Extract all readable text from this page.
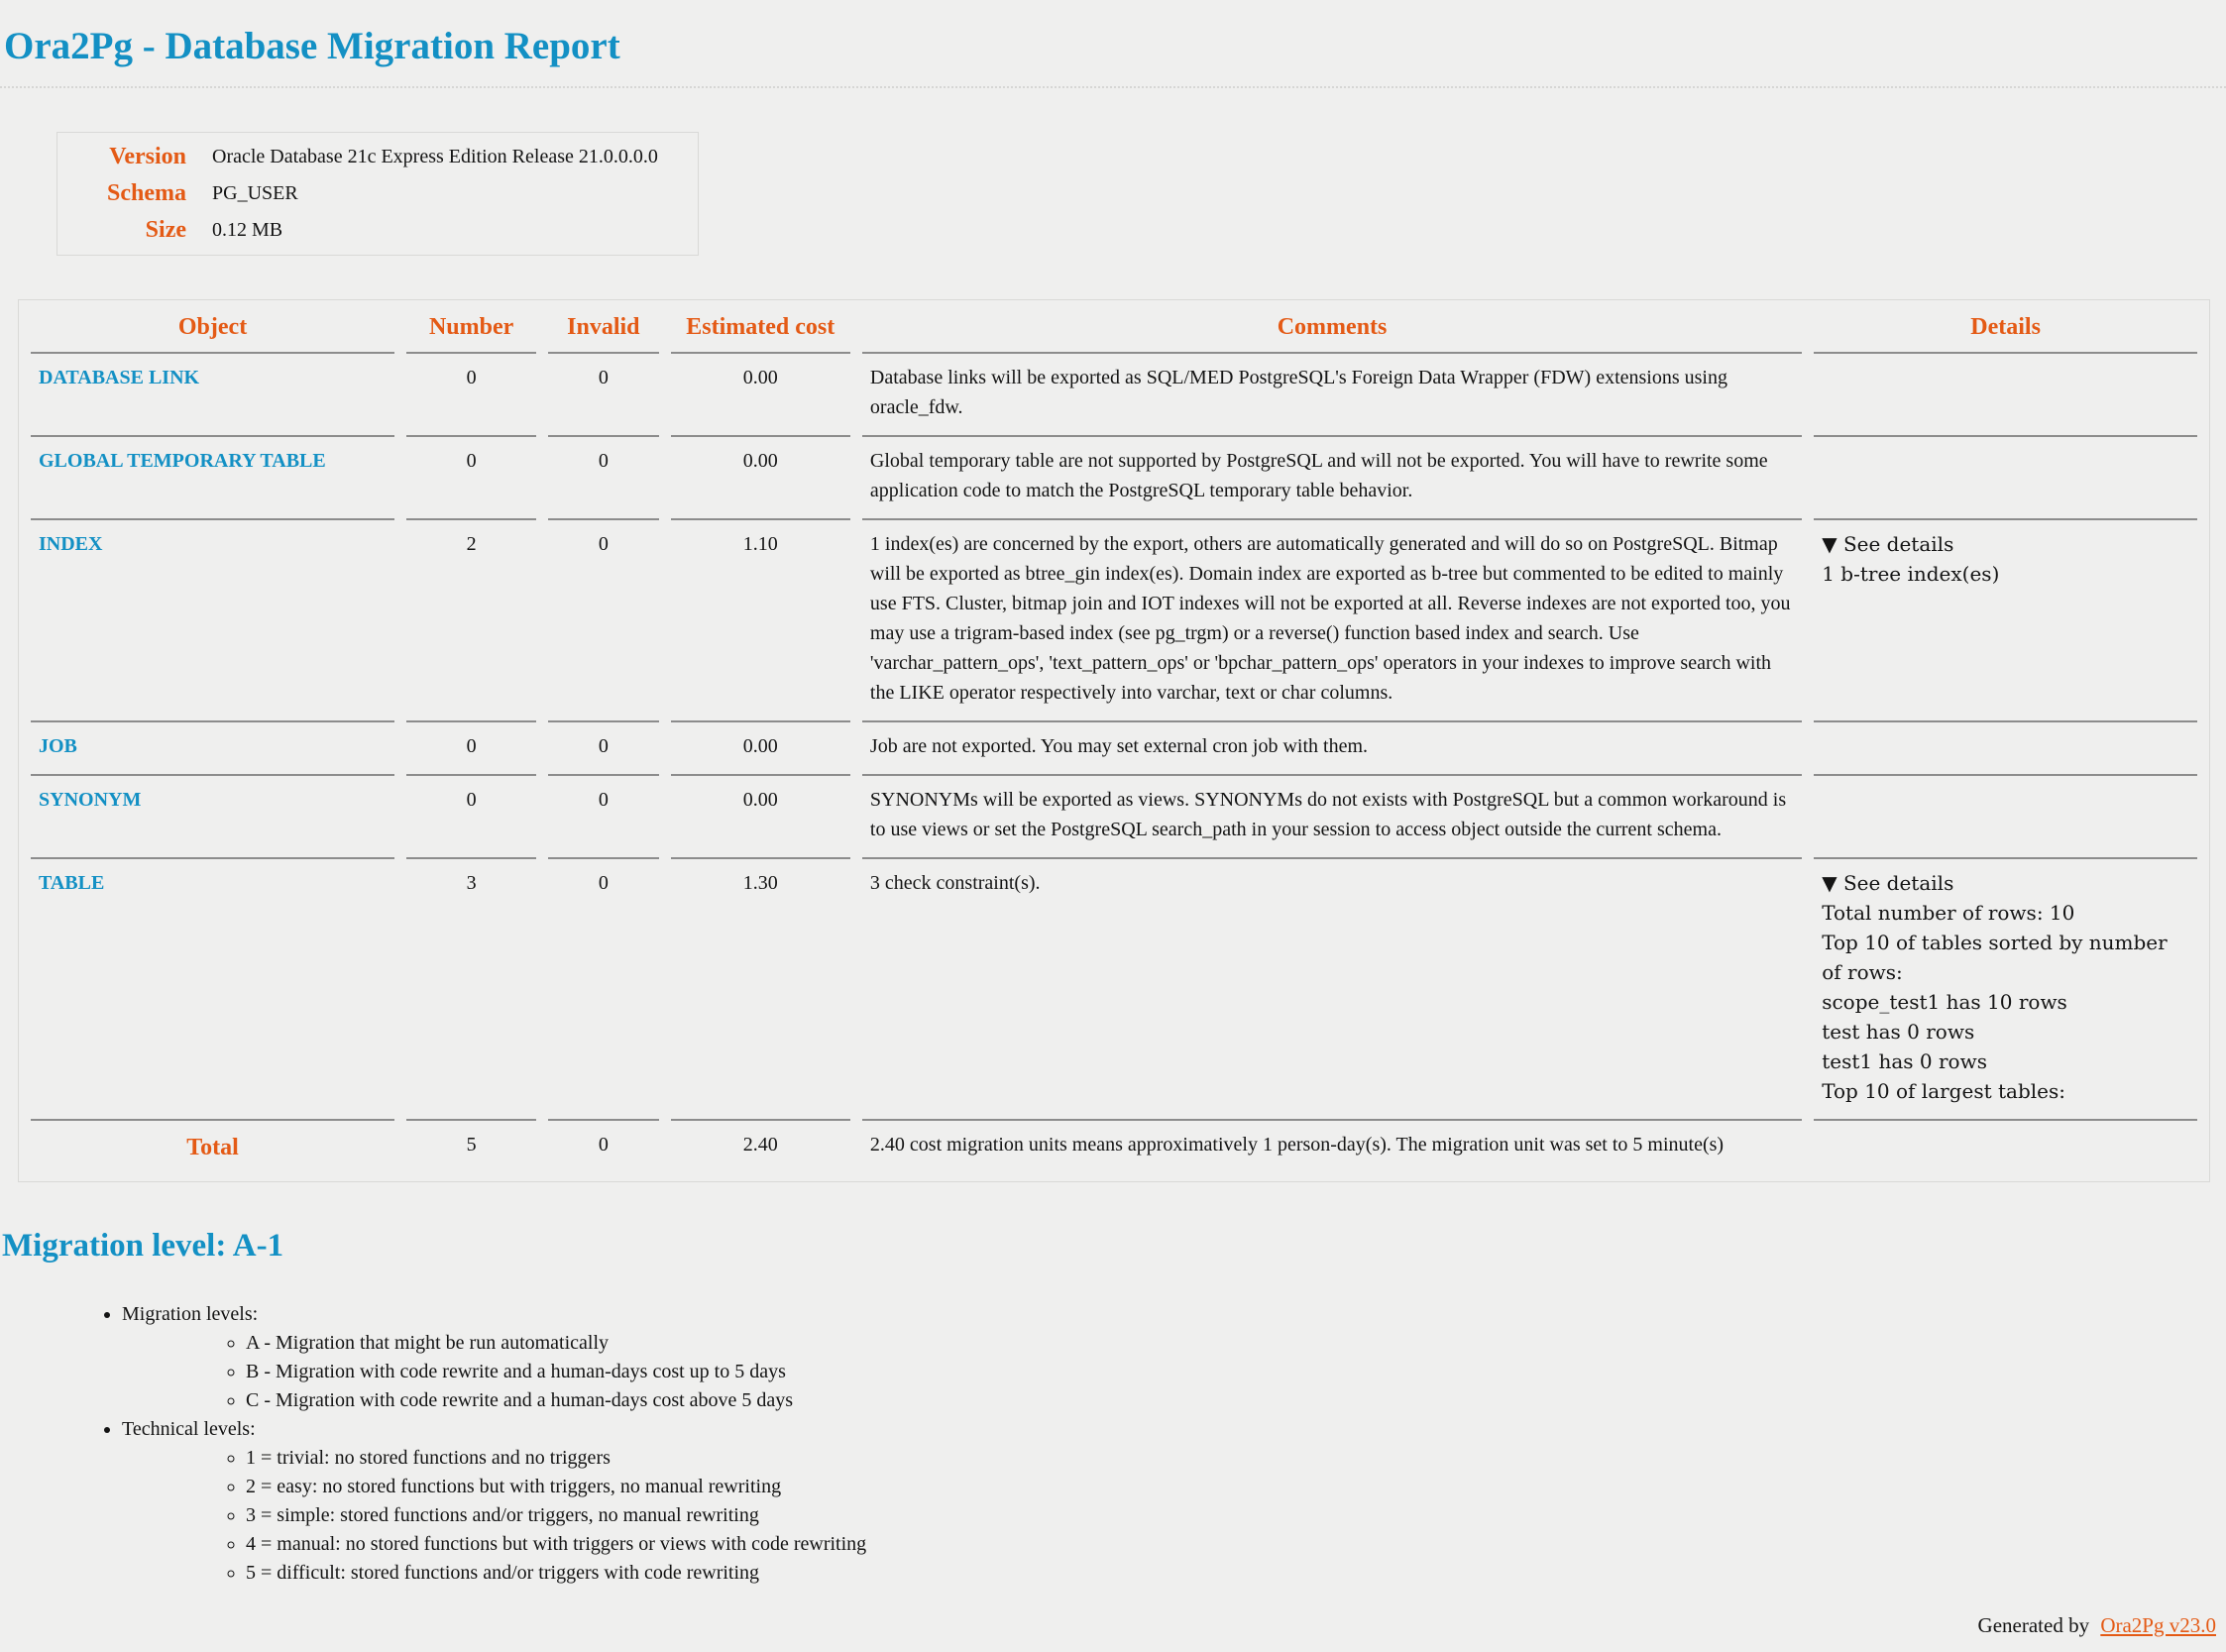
Ora2Pg - Database Migration Report
Version	Oracle Database 21c Express Edition Release 21.0.0.0.0
Schema	PG_USER
Size	0.12 MB
Object	Number	Invalid	Estimated cost	Comments	Details
DATABASE LINK	0	0	0.00	Database links will be exported as SQL/MED PostgreSQL's Foreign Data Wrapper (FDW) extensions using oracle_fdw.	
GLOBAL TEMPORARY TABLE	0	0	0.00	Global temporary table are not supported by PostgreSQL and will not be exported. You will have to rewrite some application code to match the PostgreSQL temporary table behavior.	
INDEX	2	0	1.10	1 index(es) are concerned by the export, others are automatically generated and will do so on PostgreSQL. Bitmap will be exported as btree_gin index(es). Domain index are exported as b-tree but commented to be edited to mainly use FTS. Cluster, bitmap join and IOT indexes will not be exported at all. Reverse indexes are not exported too, you may use a trigram-based index (see pg_trgm) or a reverse() function based index and search. Use 'varchar_pattern_ops', 'text_pattern_ops' or 'bpchar_pattern_ops' operators in your indexes to improve search with the LIKE operator respectively into varchar, text or char columns.	▼ See details
1 b-tree index(es)

JOB	0	0	0.00	Job are not exported. You may set external cron job with them.	
SYNONYM	0	0	0.00	SYNONYMs will be exported as views. SYNONYMs do not exists with PostgreSQL but a common workaround is to use views or set the PostgreSQL search_path in your session to access object outside the current schema.	
TABLE	3	0	1.30	3 check constraint(s).	▼ See details
Total number of rows: 10
Top 10 of tables sorted by number of rows:
scope_test1 has 10 rows
test has 0 rows
test1 has 0 rows
Top 10 of largest tables:

Total	5	0	2.40	2.40 cost migration units means approximatively 1 person-day(s). The migration unit was set to 5 minute(s)	
Migration level: A-1
• Migration levels:
◦ A - Migration that might be run automatically
◦ B - Migration with code rewrite and a human-days cost up to 5 days
◦ C - Migration with code rewrite and a human-days cost above 5 days
• Technical levels:
◦ 1 = trivial: no stored functions and no triggers
◦ 2 = easy: no stored functions but with triggers, no manual rewriting
◦ 3 = simple: stored functions and/or triggers, no manual rewriting
◦ 4 = manual: no stored functions but with triggers or views with code rewriting
◦ 5 = difficult: stored functions and/or triggers with code rewriting
Generated by Ora2Pg v23.0
